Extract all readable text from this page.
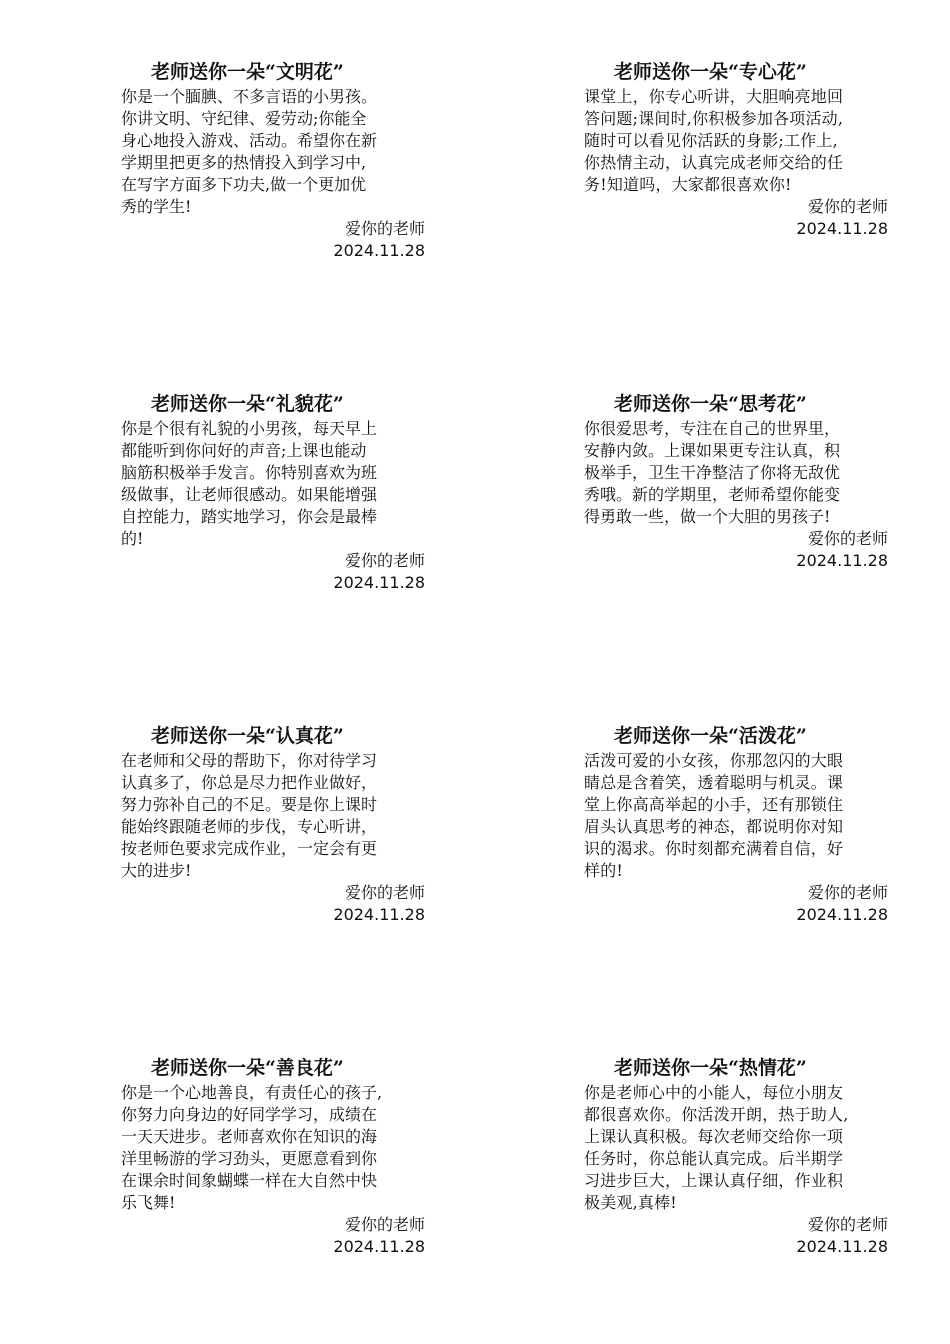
老师送你一朵“文明花”
你是一个腼腆、不多言语的小男孩。
你讲文明、守纪律、爱劳动;你能全
身心地投入游戏、活动。希望你在新
学期里把更多的热情投入到学习中,
在写字方面多下功夫,做一个更加优
秀的学生!
爱你的老师
2024.11.28
老师送你一朵“专心花”
课堂上，你专心听讲，大胆响亮地回
答问题;课间时,你积极参加各项活动,
随时可以看见你活跃的身影;工作上,
你热情主动，认真完成老师交给的任
务!知道吗，大家都很喜欢你!
爱你的老师
2024.11.28
老师送你一朵“礼貌花”
你是个很有礼貌的小男孩，每天早上
都能听到你问好的声音;上课也能动
脑筋积极举手发言。你特别喜欢为班
级做事，让老师很感动。如果能增强
自控能力，踏实地学习，你会是最棒
的!
爱你的老师
2024.11.28
老师送你一朵“思考花”
你很爱思考，专注在自己的世界里，
安静内敛。上课如果更专注认真，积
极举手，卫生干净整洁了你将无敌优
秀哦。新的学期里，老师希望你能变
得勇敢一些，做一个大胆的男孩子!
爱你的老师
2024.11.28
老师送你一朵“认真花”
在老师和父母的帮助下，你对待学习
认真多了，你总是尽力把作业做好，
努力弥补自己的不足。要是你上课时
能始终跟随老师的步伐，专心听讲，
按老师色要求完成作业，一定会有更
大的进步!
爱你的老师
2024.11.28
老师送你一朵“活泼花”
活泼可爱的小女孩，你那忽闪的大眼
睛总是含着笑，透着聪明与机灵。课
堂上你高高举起的小手，还有那锁住
眉头认真思考的神态，都说明你对知
识的渴求。你时刻都充满着自信，好
样的!
爱你的老师
2024.11.28
老师送你一朵“善良花”
你是一个心地善良，有责任心的孩子,
你努力向身边的好同学学习，成绩在
一天天进步。老师喜欢你在知识的海
洋里畅游的学习劲头，更愿意看到你
在课余时间象蝴蝶一样在大自然中快
乐飞舞!
爱你的老师
2024.11.28
老师送你一朵“热情花”
你是老师心中的小能人，每位小朋友
都很喜欢你。你活泼开朗，热于助人,
上课认真积极。每次老师交给你一项
任务时，你总能认真完成。后半期学
习进步巨大，上课认真仔细，作业积
极美观,真棒!
爱你的老师
2024.11.28
